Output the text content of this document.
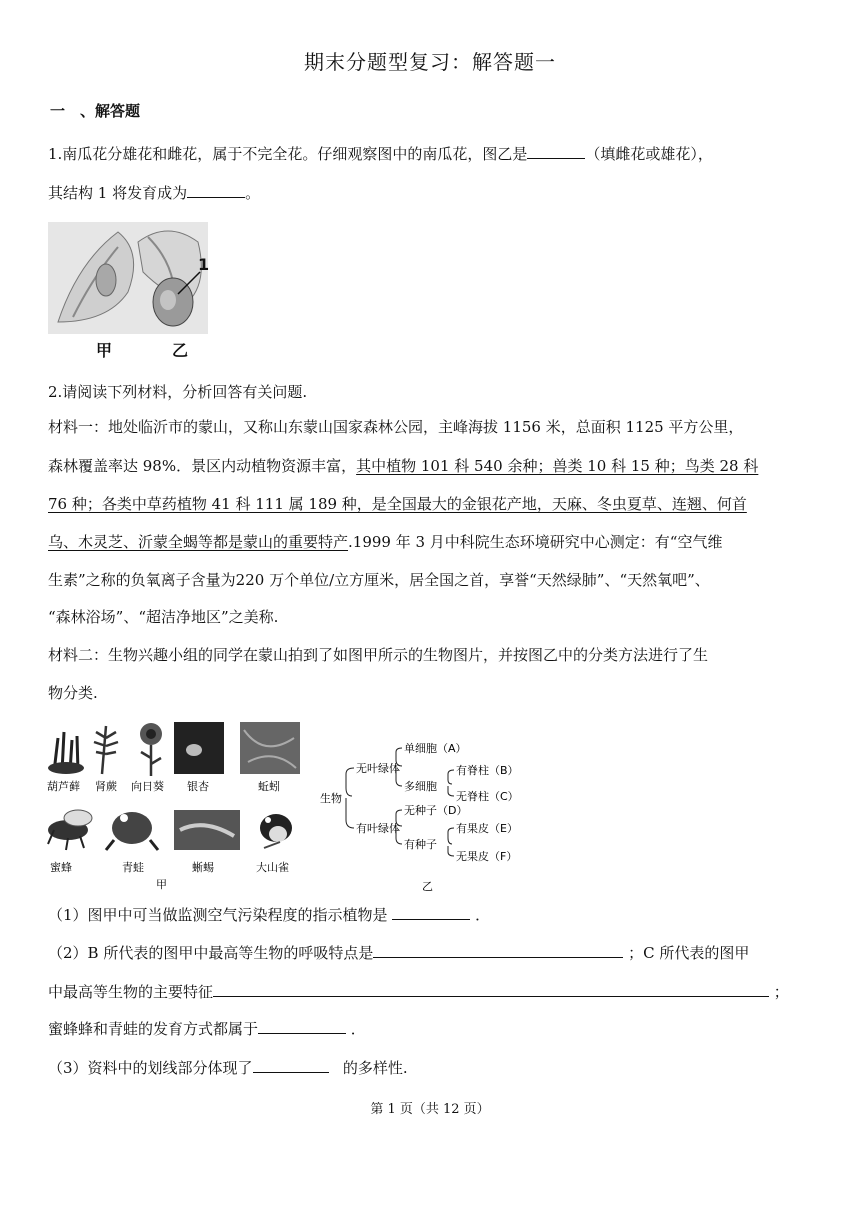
期末分题型复习：解答题一
一　、解答题
1.南瓜花分雄花和雌花，属于不完全花。仔细观察图中的南瓜花，图乙是	（填雌花或雄花），
其结构 1 将发育成为	。
1
甲	乙
2.请阅读下列材料，分析回答有关问题.
材料一：地处临沂市的蒙山，又称山东蒙山国家森林公园，主峰海拔 1156 米，总面积 1125 平方公里，
森林覆盖率达 98%．景区内动植物资源丰富，其中植物 101 科 540 余种；兽类 10 科 15 种；鸟类 28 科
76 种；各类中草药植物 41 科 111 属 189 种，是全国最大的金银花产地，天麻、冬虫夏草、连翘、何首
乌、木灵芝、沂蒙全蝎等都是蒙山的重要特产.1999 年 3 月中科院生态环境研究中心测定：有“空气维
生素”之称的负氧离子含量为220 万个单位/立方厘米，居全国之首，享誉“天然绿肺”、“天然氧吧”、
“森林浴场”、“超洁净地区”之美称.
材料二：生物兴趣小组的同学在蒙山拍到了如图甲所示的生物图片，并按图乙中的分类方法进行了生
物分类.
葫芦藓 肾蕨 向日葵 银杏	蚯蚓
蜜蜂	青蛙	蜥蜴	大山雀
甲
生物
无叶绿体
单细胞（A）
多细胞
有脊柱（B）
无脊柱（C）
有叶绿体
无种子（D）
有种子
有果皮（E）
无果皮（F）
乙
（1）图甲中可当做监测空气污染程度的指示植物是	．
（2）B 所代表的图甲中最高等生物的呼吸特点是	；C 所代表的图甲
中最高等生物的主要特征	；
蜜蜂蜂和青蛙的发育方式都属于	．
（3）资料中的划线部分体现了	的多样性.
第 1 页（共 12 页）
